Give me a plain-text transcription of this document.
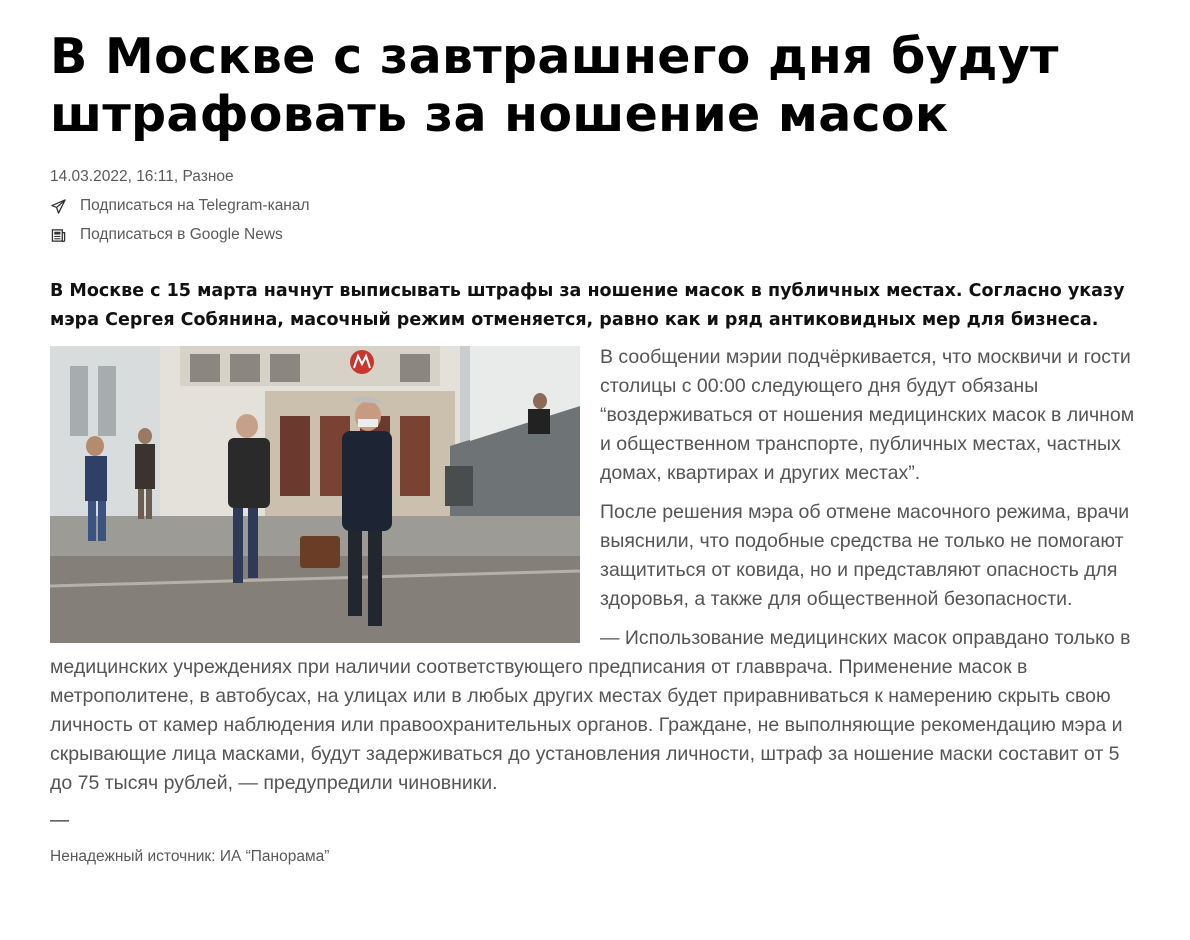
В Москве с завтрашнего дня будут штрафовать за ношение масок
14.03.2022, 16:11, Разное
Подписаться на Telegram-канал
Подписаться в Google News
В Москве с 15 марта начнут выписывать штрафы за ношение масок в публичных местах. Согласно указу мэра Сергея Собянина, масочный режим отменяется, равно как и ряд антиковидных мер для бизнеса.

В сообщении мэрии подчёркивается, что москвичи и гости столицы с 00:00 следующего дня будут обязаны “воздерживаться от ношения медицинских масок в личном и общественном транспорте, публичных местах, частных домах, квартирах и других местах”.

После решения мэра об отмене масочного режима, врачи выяснили, что подобные средства не только не помогают защититься от ковида, но и представляют опасность для здоровья, а также для общественной безопасности.

— Использование медицинских масок оправдано только в медицинских учреждениях при наличии соответствующего предписания от главврача. Применение масок в метрополитене, в автобусах, на улицах или в любых других местах будет приравниваться к намерению скрыть свою личность от камер наблюдения или правоохранительных органов. Граждане, не выполняющие рекомендацию мэра и скрывающие лица масками, будут задерживаться до установления личности, штраф за ношение маски составит от 5 до 75 тысяч рублей, — предупредили чиновники.

—
Ненадежный источник: ИА “Панорама”
